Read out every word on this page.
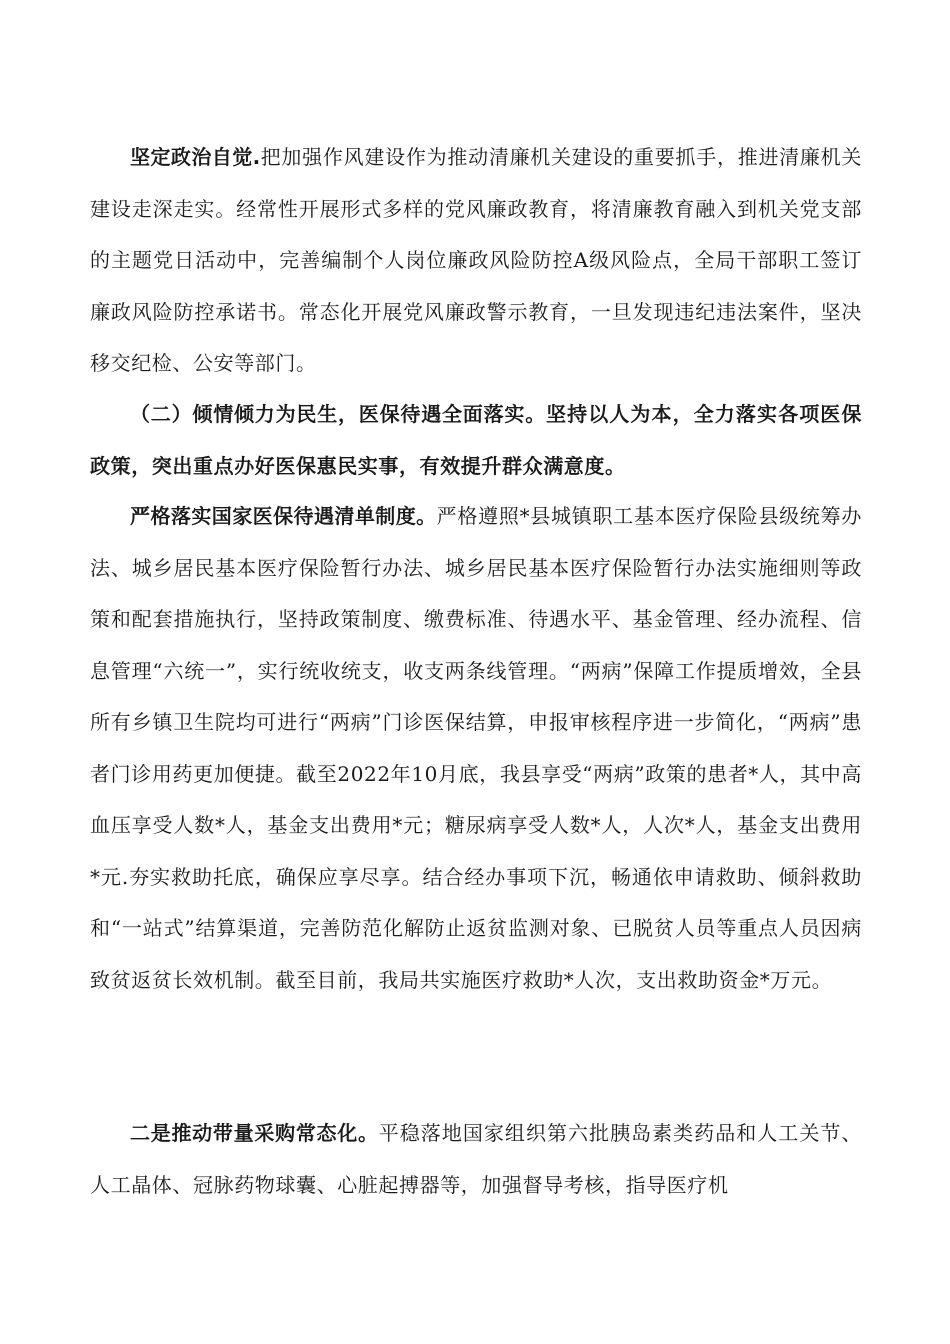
坚定政治自觉.把加强作风建设作为推动清廉机关建设的重要抓手，推进清廉机关建设走深走实。经常性开展形式多样的党风廉政教育，将清廉教育融入到机关党支部的主题党日活动中，完善编制个人岗位廉政风险防控A级风险点，全局干部职工签订廉政风险防控承诺书。常态化开展党风廉政警示教育，一旦发现违纪违法案件，坚决移交纪检、公安等部门。

（二）倾情倾力为民生，医保待遇全面落实。坚持以人为本，全力落实各项医保政策，突出重点办好医保惠民实事，有效提升群众满意度。

严格落实国家医保待遇清单制度。严格遵照*县城镇职工基本医疗保险县级统筹办法、城乡居民基本医疗保险暂行办法、城乡居民基本医疗保险暂行办法实施细则等政策和配套措施执行，坚持政策制度、缴费标准、待遇水平、基金管理、经办流程、信息管理“六统一”，实行统收统支，收支两条线管理。“两病”保障工作提质增效，全县所有乡镇卫生院均可进行“两病”门诊医保结算，申报审核程序进一步简化，“两病”患者门诊用药更加便捷。截至2022年10月底，我县享受“两病”政策的患者*人，其中高血压享受人数*人，基金支出费用*元；糖尿病享受人数*人，人次*人，基金支出费用*元.夯实救助托底，确保应享尽享。结合经办事项下沉，畅通依申请救助、倾斜救助和“一站式”结算渠道，完善防范化解防止返贫监测对象、已脱贫人员等重点人员因病致贫返贫长效机制。截至目前，我局共实施医疗救助*人次，支出救助资金*万元。

二是推动带量采购常态化。平稳落地国家组织第六批胰岛素类药品和人工关节、人工晶体、冠脉药物球囊、心脏起搏器等，加强督导考核，指导医疗机
